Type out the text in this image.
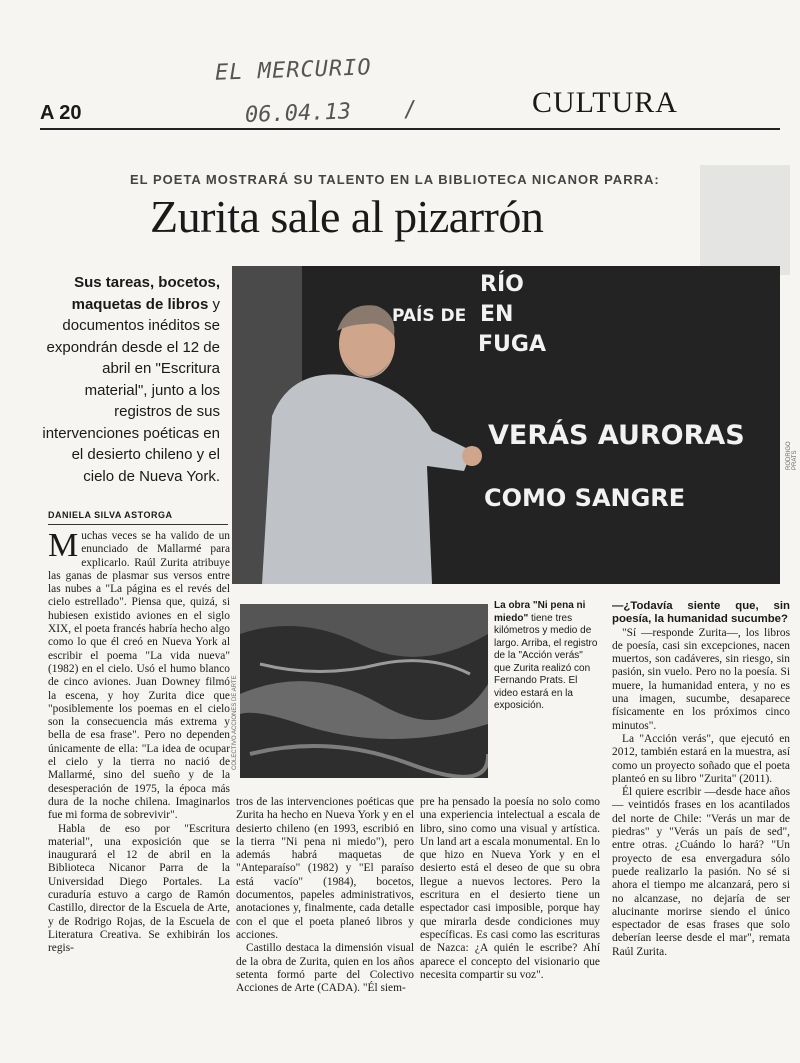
EL MERCURIO
06.04.13 /
A 20	CULTURA
EL POETA MOSTRARÁ SU TALENTO EN LA BIBLIOTECA NICANOR PARRA:
Zurita sale al pizarrón
Sus tareas, bocetos, maquetas de libros y documentos inéditos se expondrán desde el 12 de abril en "Escritura material", junto a los registros de sus intervenciones poéticas en el desierto chileno y el cielo de Nueva York.
DANIELA SILVA ASTORGA
PAÍS DE
RÍO
EN
FUGA
VERÁS AURORAS
COMO SANGRE
RODRIGO PRATS
COLECTIVO ACCIONES DE ARTE
La obra "Ni pena ni miedo" tiene tres kilómetros y medio de largo. Arriba, el registro de la "Acción verás" que Zurita realizó con Fernando Prats. El video estará en la exposición.

Muchas veces se ha valido de un enunciado de Mallarmé para explicarlo. Raúl Zurita atribuye las ganas de plasmar sus versos entre las nubes a "La página es el revés del cielo estrellado". Piensa que, quizá, si hubiesen existido aviones en el siglo XIX, el poeta francés habría hecho algo como lo que él creó en Nueva York al escribir el poema "La vida nueva" (1982) en el cielo. Usó el humo blanco de cinco aviones. Juan Downey filmó la escena, y hoy Zurita dice que "posiblemente los poemas en el cielo son la consecuencia más extrema y bella de esa frase". Pero no dependen únicamente de ella: "La idea de ocupar el cielo y la tierra no nació de Mallarmé, sino del sueño y de la desesperación de 1975, la época más dura de la noche chilena. Imaginarlos fue mi forma de sobrevivir".

Habla de eso por "Escritura material", una exposición que se inaugurará el 12 de abril en la Biblioteca Nicanor Parra de la Universidad Diego Portales. La curaduría estuvo a cargo de Ramón Castillo, director de la Escuela de Arte, y de Rodrigo Rojas, de la Escuela de Literatura Creativa. Se exhibirán los regis-

tros de las intervenciones poéticas que Zurita ha hecho en Nueva York y en el desierto chileno (en 1993, escribió en la tierra "Ni pena ni miedo"), pero además habrá maquetas de "Anteparaíso" (1982) y "El paraíso está vacío" (1984), bocetos, documentos, papeles administrativos, anotaciones y, finalmente, cada detalle con el que el poeta planeó libros y acciones.

Castillo destaca la dimensión visual de la obra de Zurita, quien en los años setenta formó parte del Colectivo Acciones de Arte (CADA). "Él siem-

pre ha pensado la poesía no solo como una experiencia intelectual a escala de libro, sino como una visual y artística. Un land art a escala monumental. En lo que hizo en Nueva York y en el desierto está el deseo de que su obra llegue a nuevos lectores. Pero la escritura en el desierto tiene un espectador casi imposible, porque hay que mirarla desde condiciones muy específicas. Es casi como las escrituras de Nazca: ¿A quién le escribe? Ahí aparece el concepto del visionario que necesita compartir su voz".

—¿Todavía siente que, sin poesía, la humanidad sucumbe?

"Sí —responde Zurita—, los libros de poesía, casi sin excepciones, nacen muertos, son cadáveres, sin riesgo, sin pasión, sin vuelo. Pero no la poesía. Si muere, la humanidad entera, y no es una imagen, sucumbe, desaparece físicamente en los próximos cinco minutos".

La "Acción verás", que ejecutó en 2012, también estará en la muestra, así como un proyecto soñado que el poeta planteó en su libro "Zurita" (2011).

Él quiere escribir —desde hace años— veintidós frases en los acantilados del norte de Chile: "Verás un mar de piedras" y "Verás un país de sed", entre otras. ¿Cuándo lo hará? "Un proyecto de esa envergadura sólo puede realizarlo la pasión. No sé si ahora el tiempo me alcanzará, pero si no alcanzase, no dejaría de ser alucinante morirse siendo el único espectador de esas frases que solo deberían leerse desde el mar", remata Raúl Zurita.
